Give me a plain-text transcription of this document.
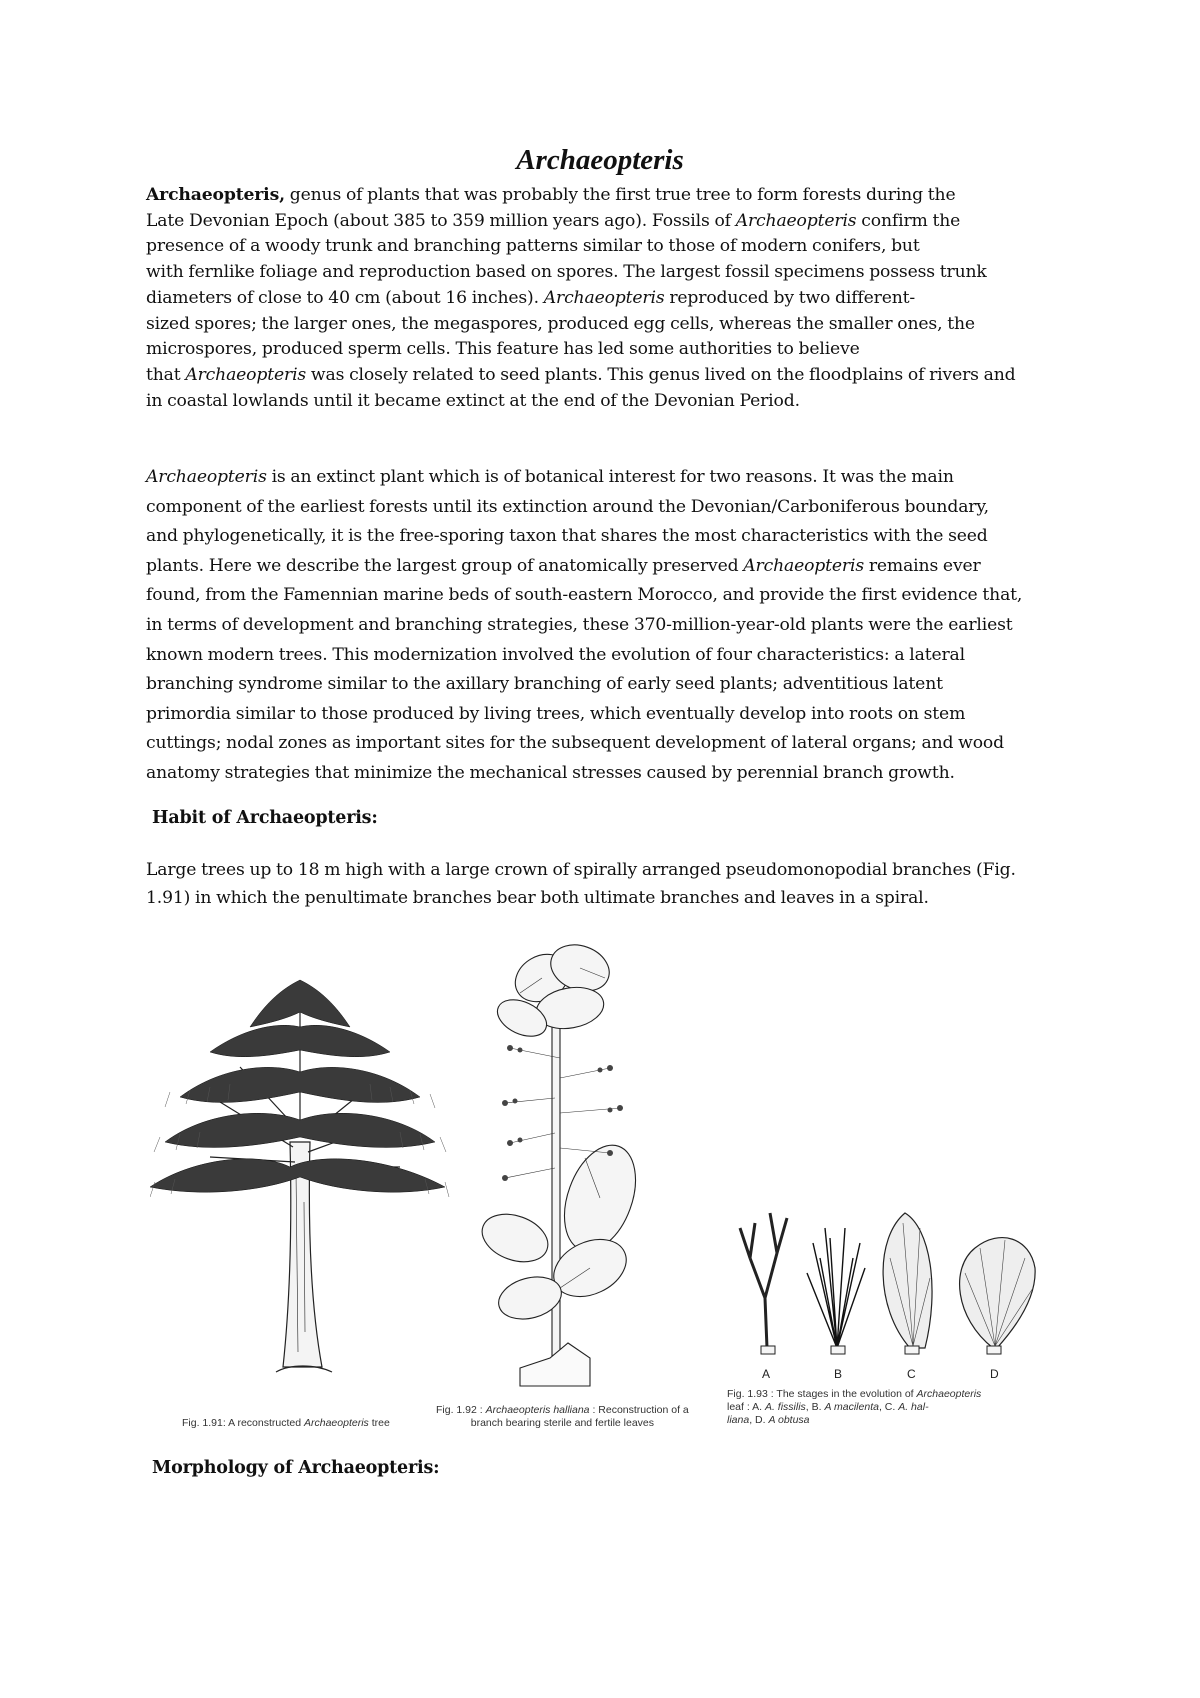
Archaeopteris

Archaeopteris, genus of plants that was probably the first true tree to form forests during the
Late Devonian Epoch (about 385 to 359 million years ago). Fossils of Archaeopteris confirm the
presence of a woody trunk and branching patterns similar to those of modern conifers, but
with fernlike foliage and reproduction based on spores. The largest fossil specimens possess trunk
diameters of close to 40 cm (about 16 inches). Archaeopteris reproduced by two different-
sized spores; the larger ones, the megaspores, produced egg cells, whereas the smaller ones, the
microspores, produced sperm cells. This feature has led some authorities to believe
that Archaeopteris was closely related to seed plants. This genus lived on the floodplains of rivers and
in coastal lowlands until it became extinct at the end of the Devonian Period.

Archaeopteris is an extinct plant which is of botanical interest for two reasons. It was the main
component of the earliest forests until its extinction around the Devonian/Carboniferous boundary,
and phylogenetically, it is the free-sporing taxon that shares the most characteristics with the seed
plants. Here we describe the largest group of anatomically preserved Archaeopteris remains ever
found, from the Famennian marine beds of south-eastern Morocco, and provide the first evidence that,
in terms of development and branching strategies, these 370-million-year-old plants were the earliest
known modern trees. This modernization involved the evolution of four characteristics: a lateral
branching syndrome similar to the axillary branching of early seed plants; adventitious latent
primordia similar to those produced by living trees, which eventually develop into roots on stem
cuttings; nodal zones as important sites for the subsequent development of lateral organs; and wood
anatomy strategies that minimize the mechanical stresses caused by perennial branch growth.

Habit of Archaeopteris:

Large trees up to 18 m high with a large crown of spirally arranged pseudomonopodial branches (Fig.
1.91) in which the penultimate branches bear both ultimate branches and leaves in a spiral.

Fig. 1.91: A reconstructed Archaeopteris tree
Fig. 1.92 : Archaeopteris halliana : Reconstruction of a
branch bearing sterile and fertile leaves
A	B	C	D
Fig. 1.93 : The stages in the evolution of Archaeopteris
leaf : A. A. fissilis, B. A macilenta, C. A. hal-
liana, D. A obtusa
Morphology of Archaeopteris:
